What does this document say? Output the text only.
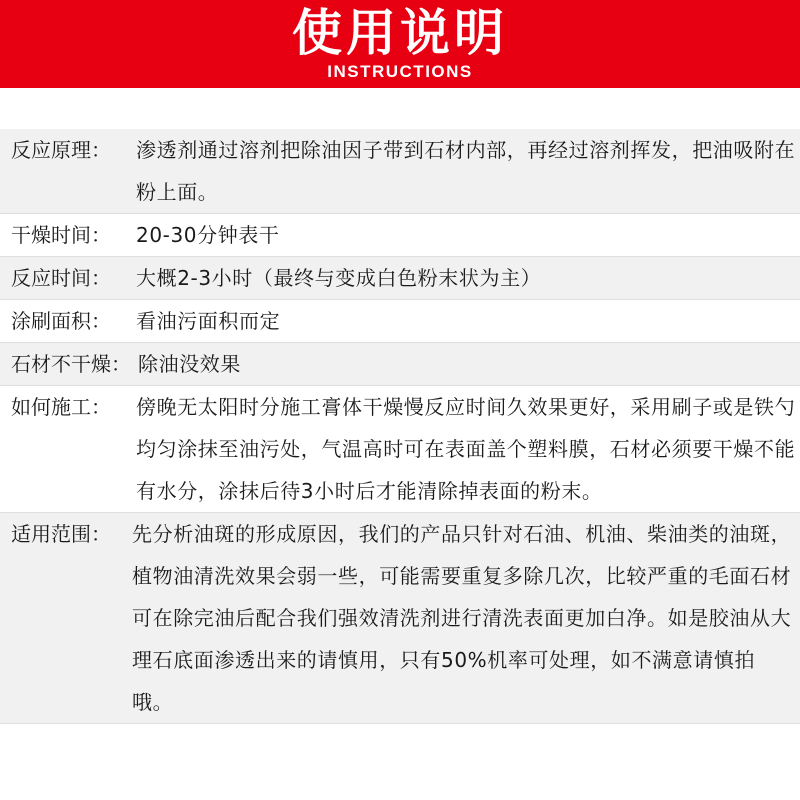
使用说明
INSTRUCTIONS
反应原理：	渗透剂通过溶剂把除油因子带到石材内部，再经过溶剂挥发，把油吸附在粉上面。
干燥时间：	20-30分钟表干
反应时间：	大概2-3小时（最终与变成白色粉末状为主）
涂刷面积：	看油污面积而定
石材不干燥： 除油没效果
如何施工：	傍晚无太阳时分施工膏体干燥慢反应时间久效果更好，采用刷子或是铁勺均匀涂抹至油污处，气温高时可在表面盖个塑料膜，石材必须要干燥不能有水分，涂抹后待3小时后才能清除掉表面的粉末。
适用范围：	先分析油斑的形成原因，我们的产品只针对石油、机油、柴油类的油斑，植物油清洗效果会弱一些，可能需要重复多除几次，比较严重的毛面石材可在除完油后配合我们强效清洗剂进行清洗表面更加白净。如是胶油从大理石底面渗透出来的请慎用，只有50%机率可处理，如不满意请慎拍哦。
